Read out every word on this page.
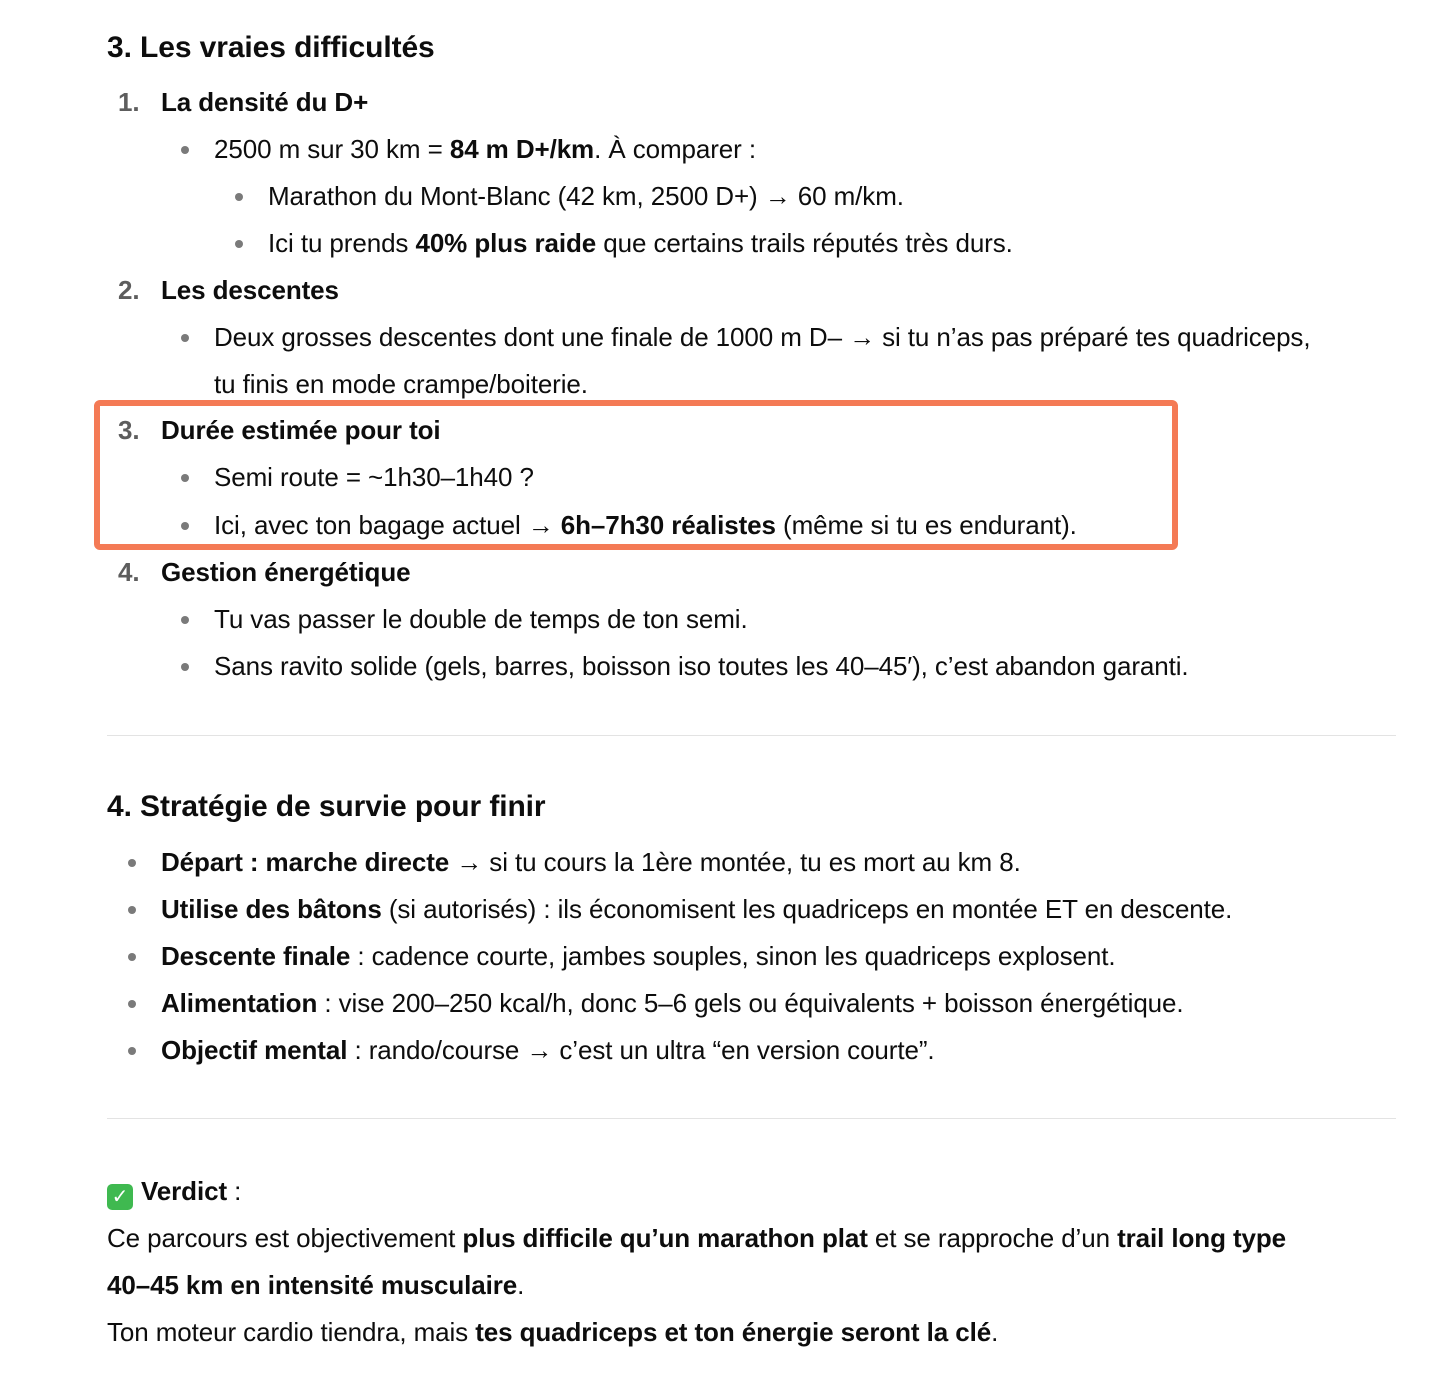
3. Les vraies difficultés
1. La densité du D+
2500 m sur 30 km = 84 m D+/km. À comparer :
Marathon du Mont-Blanc (42 km, 2500 D+) → 60 m/km.
Ici tu prends 40% plus raide que certains trails réputés très durs.
2. Les descentes
Deux grosses descentes dont une finale de 1000 m D– → si tu n’as pas préparé tes quadriceps,
tu finis en mode crampe/boiterie.
3. Durée estimée pour toi
Semi route = ~1h30–1h40 ?
Ici, avec ton bagage actuel → 6h–7h30 réalistes (même si tu es endurant).
4. Gestion énergétique
Tu vas passer le double de temps de ton semi.
Sans ravito solide (gels, barres, boisson iso toutes les 40–45′), c’est abandon garanti.
4. Stratégie de survie pour finir
Départ : marche directe → si tu cours la 1ère montée, tu es mort au km 8.
Utilise des bâtons (si autorisés) : ils économisent les quadriceps en montée ET en descente.
Descente finale : cadence courte, jambes souples, sinon les quadriceps explosent.
Alimentation : vise 200–250 kcal/h, donc 5–6 gels ou équivalents + boisson énergétique.
Objectif mental : rando/course → c’est un ultra “en version courte”.
✓ Verdict :
Ce parcours est objectivement plus difficile qu’un marathon plat et se rapproche d’un trail long type
40–45 km en intensité musculaire.
Ton moteur cardio tiendra, mais tes quadriceps et ton énergie seront la clé.
